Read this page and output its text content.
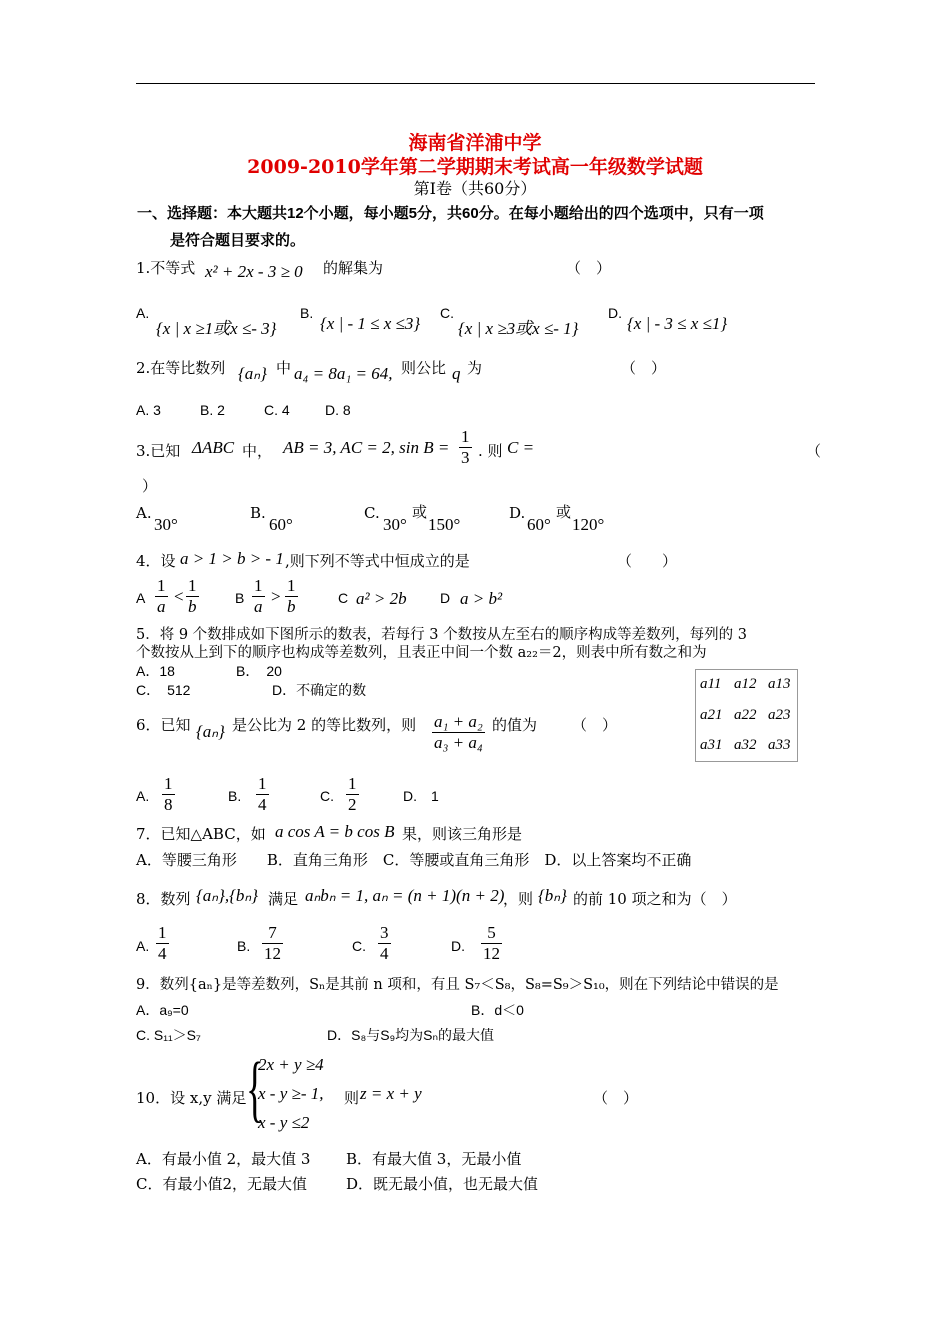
海南省洋浦中学
2009-2010学年第二学期期末考试高一年级数学试题
第Ⅰ卷（共60分）
一、选择题：本大题共12个小题，每小题5分，共60分。在每小题给出的四个选项中，只有一项
是符合题目要求的。
1.不等式 x² + 2x - 3 ≥ 0 的解集为	（　）
A.
{x | x ≥1或x ≤- 3}
B.
{x | - 1 ≤ x ≤3}
C.
{x | x ≥3或x ≤- 1}
D.
{x | - 3 ≤ x ≤1}
2.在等比数列 {aₙ} 中 a₄ = 8a₁ = 64, 则公比 q 为	（　）
A. 3	B. 2	C. 4	D. 8
3.已知 ΔABC 中， AB = 3, AC = 2, sin B =
1
3 . 则 C =	（
）
A.
30°
B.
60°
C.
30°
或
150°
D.
60°
或
120°
4．设 a > 1 > b > - 1 ,则下列不等式中恒成立的是	（　　）
A
1
a
<
1
b	B
1
a
>
1
b	C a² > 2b D a > b²
5．将 9 个数排成如下图所示的数表，若每行 3 个数按从左至右的顺序构成等差数列，每列的 3
个数按从上到下的顺序也构成等差数列，且表正中间一个数 a₂₂＝2，则表中所有数之和为
A．18	B．　20
C．　512	D．不确定的数	a11 a12 a13
a21 a22 a23
a31 a32 a33
6．已知 {aₙ} 是公比为 2 的等比数列，则 a₁ + a₂
a₃ + a₄
的值为 （　）
A.
1
8	B.
1
4	C.
1
2	D. 1
7．已知△ABC，如 a cos A = b cos B 果，则该三角形是
A．等腰三角形　　B．直角三角形　C．等腰或直角三角形　D．以上答案均不正确
8．数列 {aₙ},{bₙ} 满足 aₙbₙ = 1, aₙ = (n + 1)(n + 2)
，则 {bₙ} 的前 10 项之和为（　）
A.
1
4	B.
7
12	C.
3
4	D.
5
12
9．数列{aₙ}是等差数列，Sₙ是其前 n 项和，有且 S₇＜S₈，S₈=S₉＞S₁₀，则在下列结论中错误的是
A．a₉=0	B．d＜0
C. S₁₁＞S₇	D．S₈与S₉均为Sₙ的最大值
10．设 x,y 满足 {
2x + y ≥4
x - y ≥- 1, 则 z = x + y
x - y ≤2
（　）
A．有最小值 2，最大值 3 B．有最大值 3，无最小值
C．有最小值2，无最大值	D．既无最小值，也无最大值
